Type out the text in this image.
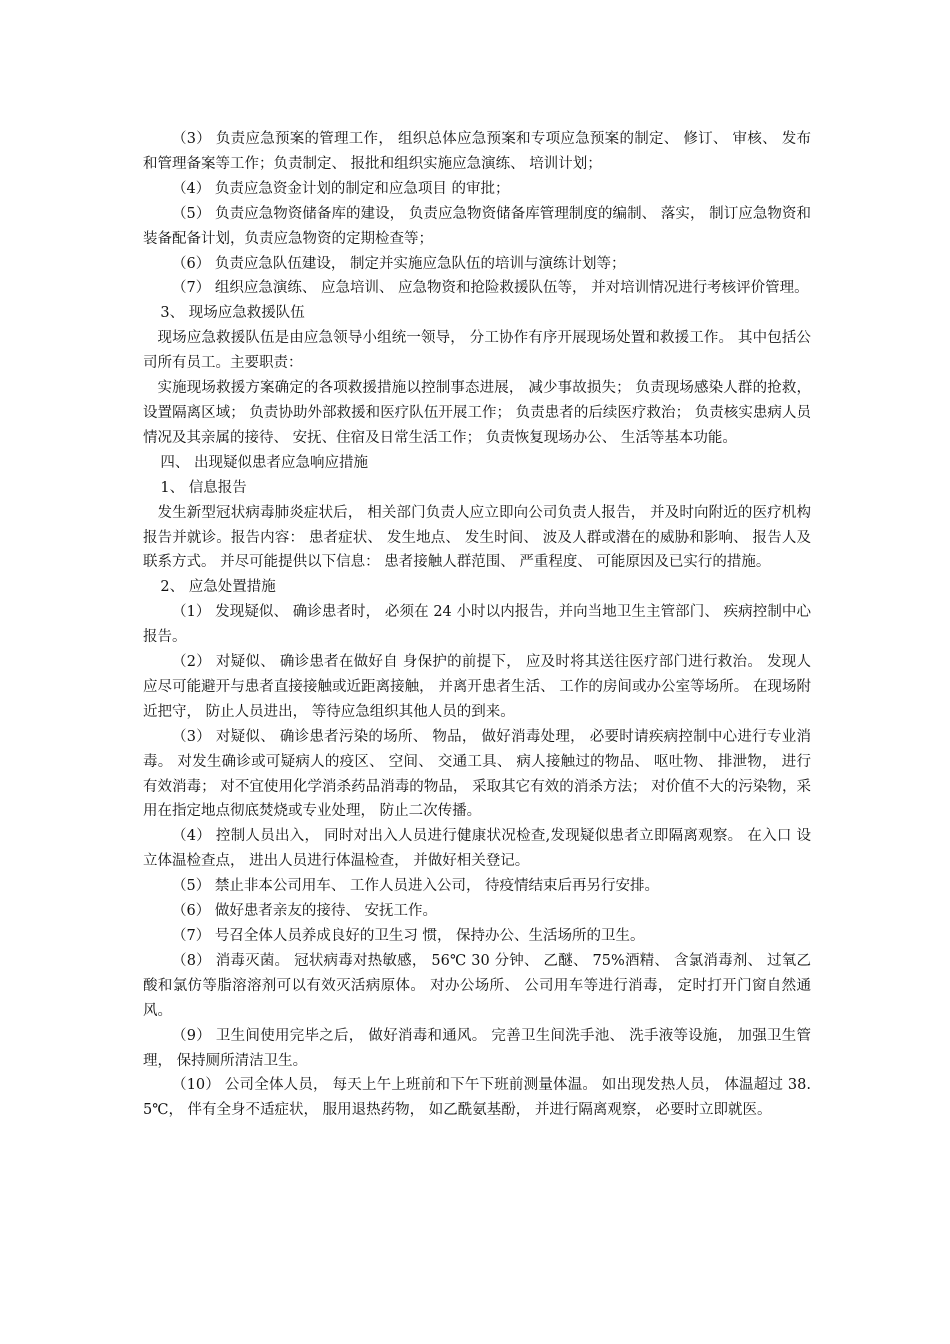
（3） 负责应急预案的管理工作， 组织总体应急预案和专项应急预案的制定、 修订、 审核、 发布和管理备案等工作；负责制定、 报批和组织实施应急演练、 培训计划；

（4） 负责应急资金计划的制定和应急项目 的审批；

（5） 负责应急物资储备库的建设， 负责应急物资储备库管理制度的编制、 落实， 制订应急物资和装备配备计划，负责应急物资的定期检查等；

（6） 负责应急队伍建设， 制定并实施应急队伍的培训与演练计划等；

（7） 组织应急演练、 应急培训、 应急物资和抢险救援队伍等， 并对培训情况进行考核评价管理。

3、 现场应急救援队伍

现场应急救援队伍是由应急领导小组统一领导， 分工协作有序开展现场处置和救援工作。 其中包括公司所有员工。主要职责：

实施现场救援方案确定的各项救援措施以控制事态进展， 减少事故损失； 负责现场感染人群的抢救， 设置隔离区域； 负责协助外部救援和医疗队伍开展工作； 负责患者的后续医疗救治； 负责核实患病人员情况及其亲属的接待、 安抚、住宿及日常生活工作； 负责恢复现场办公、 生活等基本功能。

四、 出现疑似患者应急响应措施

1、 信息报告

发生新型冠状病毒肺炎症状后， 相关部门负责人应立即向公司负责人报告， 并及时向附近的医疗机构报告并就诊。报告内容： 患者症状、 发生地点、 发生时间、 波及人群或潜在的威胁和影响、 报告人及联系方式。 并尽可能提供以下信息： 患者接触人群范围、 严重程度、 可能原因及已实行的措施。

2、 应急处置措施

（1） 发现疑似、 确诊患者时， 必须在 24 小时以内报告，并向当地卫生主管部门、 疾病控制中心报告。

（2） 对疑似、 确诊患者在做好自 身保护的前提下， 应及时将其送往医疗部门进行救治。 发现人应尽可能避开与患者直接接触或近距离接触， 并离开患者生活、 工作的房间或办公室等场所。 在现场附近把守， 防止人员进出， 等待应急组织其他人员的到来。

（3） 对疑似、 确诊患者污染的场所、 物品， 做好消毒处理， 必要时请疾病控制中心进行专业消毒。 对发生确诊或可疑病人的疫区、 空间、 交通工具、 病人接触过的物品、 呕吐物、 排泄物， 进行有效消毒； 对不宜使用化学消杀药品消毒的物品， 采取其它有效的消杀方法； 对价值不大的污染物，采用在指定地点彻底焚烧或专业处理， 防止二次传播。

（4） 控制人员出入， 同时对出入人员进行健康状况检查,发现疑似患者立即隔离观察。 在入口 设立体温检查点， 进出人员进行体温检查， 并做好相关登记。

（5） 禁止非本公司用车、 工作人员进入公司， 待疫情结束后再另行安排。

（6） 做好患者亲友的接待、 安抚工作。

（7） 号召全体人员养成良好的卫生习 惯， 保持办公、生活场所的卫生。

（8） 消毒灭菌。 冠状病毒对热敏感， 56℃ 30 分钟、 乙醚、 75%酒精、 含氯消毒剂、 过氧乙酸和氯仿等脂溶溶剂可以有效灭活病原体。 对办公场所、 公司用车等进行消毒， 定时打开门窗自然通风。

（9） 卫生间使用完毕之后， 做好消毒和通风。 完善卫生间洗手池、 洗手液等设施， 加强卫生管理， 保持厕所清洁卫生。

（10） 公司全体人员， 每天上午上班前和下午下班前测量体温。 如出现发热人员， 体温超过 38.5℃， 伴有全身不适症状， 服用退热药物， 如乙酰氨基酚， 并进行隔离观察， 必要时立即就医。
